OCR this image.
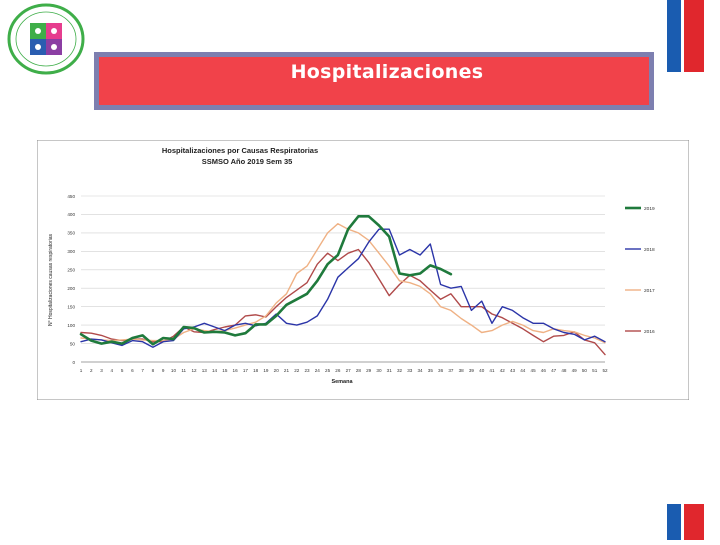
Hospitalizaciones
Hospitalizaciones por Causas Respiratorias
SSMSO Año 2019 Sem 35
N° Hospitalizaciones causas respiratorias
Semana
0
50
100
150
200
250
300
350
400
450
1 2 3 4 5 6 7 8 9 10 11 12 13 14 15 16 17 18 19 20 21 22 23 24 25 26 27 28 29 30 31 32 33 34 35 36 37 38 39 40 41 42 43 44 45 46 47 48 49 50 51 52
2019
2018
2017
2016
